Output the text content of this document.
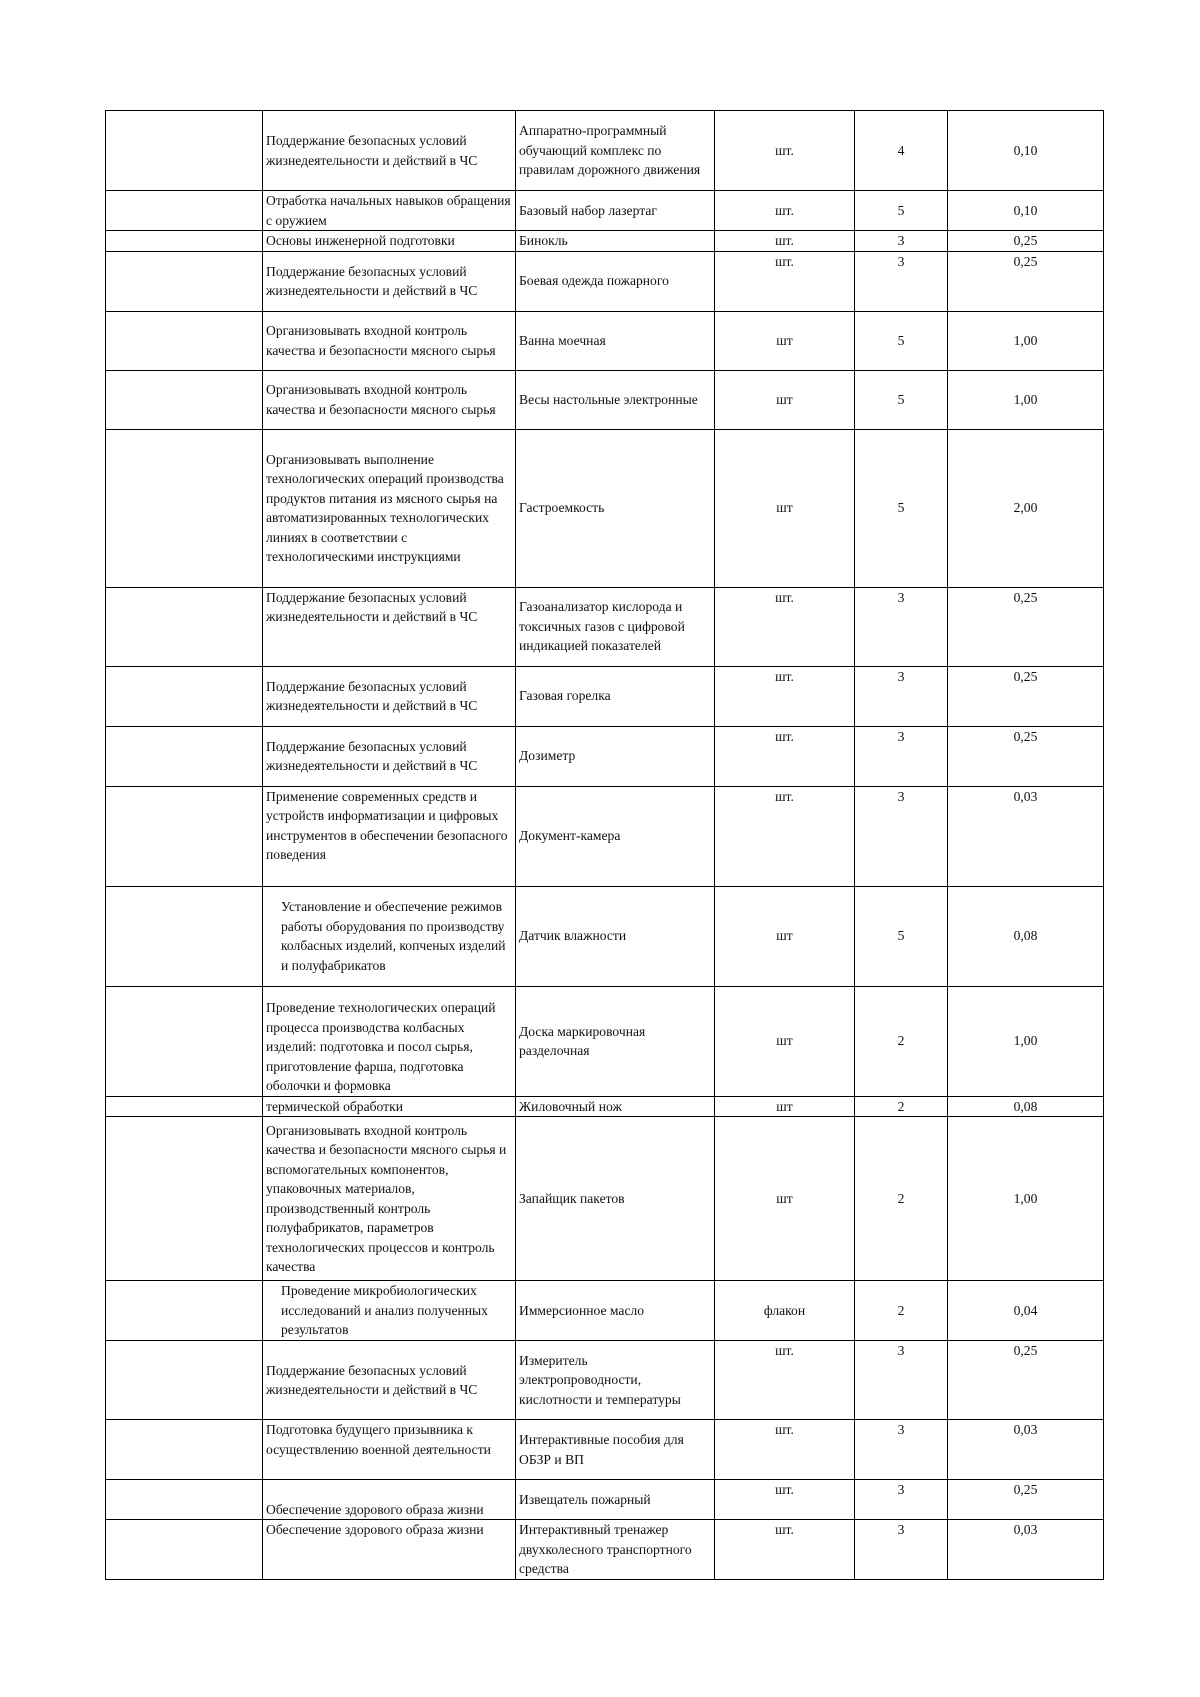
	Поддержание безопасных условий жизнедеятельности и действий в ЧС	Аппаратно-программный обучающий комплекс по правилам дорожного движения	шт.	4	0,10
	Отработка начальных навыков обращения с оружием	Базовый набор лазертаг	шт.	5	0,10
	Основы инженерной подготовки	Бинокль	шт.	3	0,25
	Поддержание безопасных условий жизнедеятельности и действий в ЧС	Боевая одежда пожарного	шт.	3	0,25
	Организовывать входной контроль качества и безопасности мясного сырья	Ванна моечная	шт	5	1,00
	Организовывать входной контроль качества и безопасности мясного сырья	Весы настольные электронные	шт	5	1,00
	Организовывать выполнение технологических операций производства продуктов питания из мясного сырья на автоматизированных технологических линиях в соответствии с технологическими инструкциями	Гастроемкость	шт	5	2,00
	Поддержание безопасных условий жизнедеятельности и действий в ЧС	Газоанализатор кислорода и токсичных газов с цифровой индикацией показателей	шт.	3	0,25
	Поддержание безопасных условий жизнедеятельности и действий в ЧС	Газовая горелка	шт.	3	0,25
	Поддержание безопасных условий жизнедеятельности и действий в ЧС	Дозиметр	шт.	3	0,25
	Применение современных средств и устройств информатизации и цифровых инструментов в обеспечении безопасного поведения	Документ-камера	шт.	3	0,03
	Установление и обеспечение режимов работы оборудования по производству колбасных изделий, копченых изделий и полуфабрикатов	Датчик влажности	шт	5	0,08
	Проведение технологических операций процесса производства колбасных изделий: подготовка и посол сырья, приготовление фарша, подготовка оболочки и формовка	Доска маркировочная разделочная	шт	2	1,00
	термической обработки	Жиловочный нож	шт	2	0,08
	Организовывать входной контроль качества и безопасности мясного сырья и вспомогательных компонентов, упаковочных материалов, производственный контроль полуфабрикатов, параметров технологических процессов и контроль качества	Запайщик пакетов	шт	2	1,00
	Проведение микробиологических исследований и анализ полученных результатов	Иммерсионное масло	флакон	2	0,04
	Поддержание безопасных условий жизнедеятельности и действий в ЧС	Измеритель электропроводности, кислотности и температуры	шт.	3	0,25
	Подготовка будущего призывника к осуществлению военной деятельности	Интерактивные пособия для ОБЗР и ВП	шт.	3	0,03
	Обеспечение здорового образа жизни	Извещатель пожарный	шт.	3	0,25
	Обеспечение здорового образа жизни	Интерактивный тренажер двухколесного транспортного средства	шт.	3	0,03
